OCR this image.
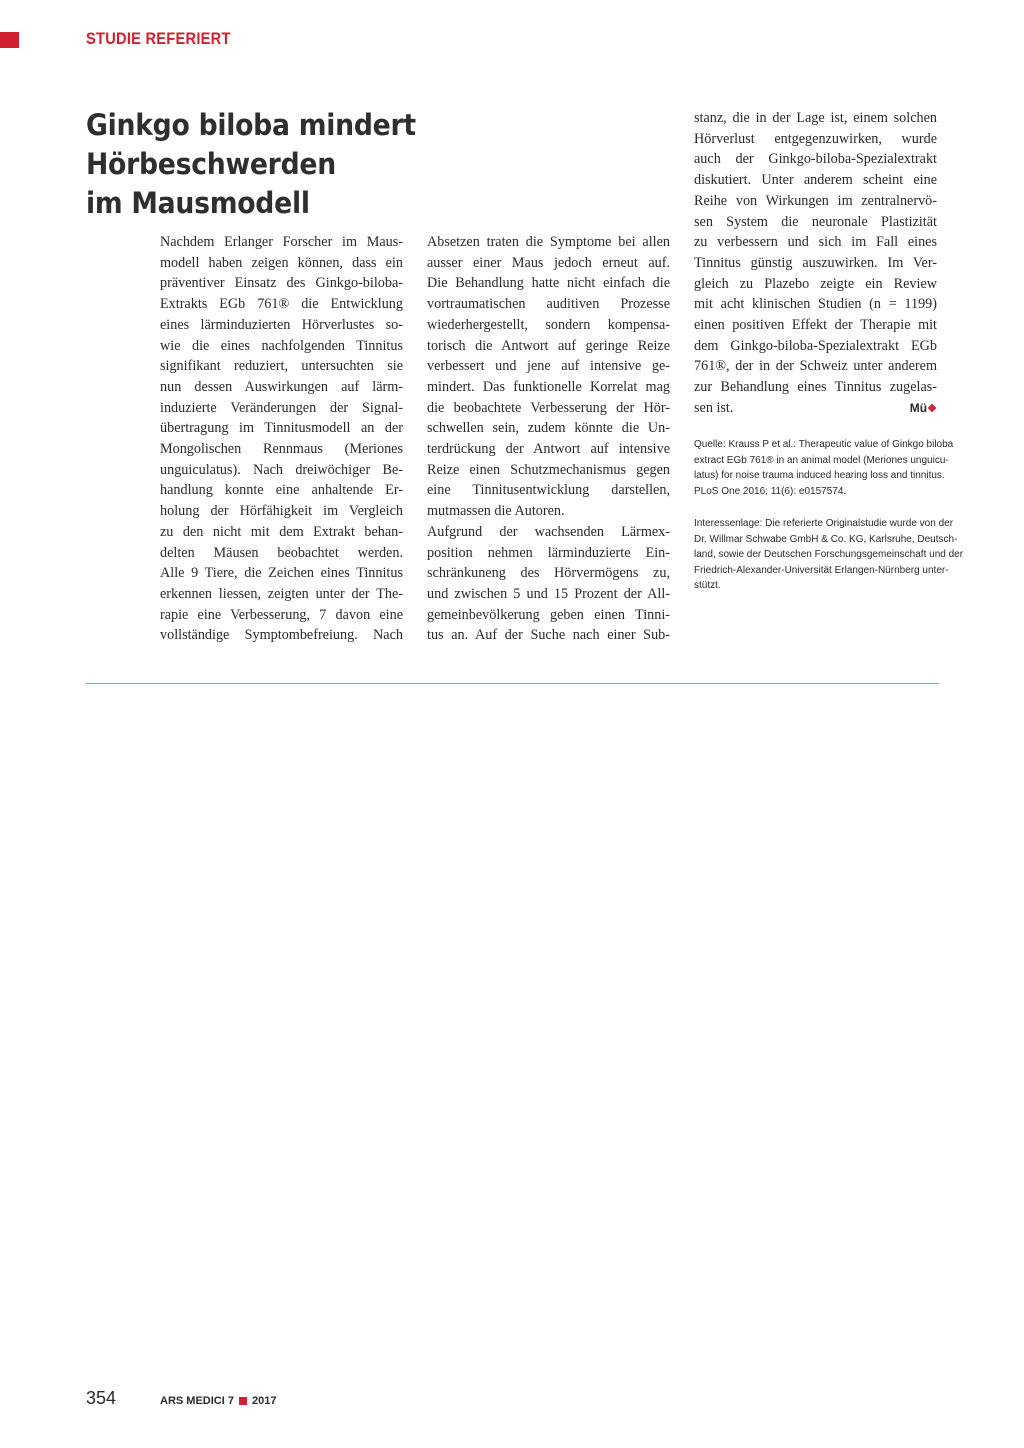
STUDIE REFERIERT
Ginkgo biloba mindert Hörbeschwerden
im Mausmodell
Nachdem Erlanger Forscher im Maus-
modell haben zeigen können, dass ein
präventiver Einsatz des Ginkgo-biloba-
Extrakts EGb 761® die Entwicklung
eines lärminduzierten Hörverlustes so-
wie die eines nachfolgenden Tinnitus
signifikant reduziert, untersuchten sie
nun dessen Auswirkungen auf lärm-
induzierte Veränderungen der Signal-
übertragung im Tinnitusmodell an der
Mongolischen Rennmaus (Meriones
unguiculatus). Nach dreiwöchiger Be-
handlung konnte eine anhaltende Er-
holung der Hörfähigkeit im Vergleich
zu den nicht mit dem Extrakt behan-
delten Mäusen beobachtet werden.
Alle 9 Tiere, die Zeichen eines Tinnitus
erkennen liessen, zeigten unter der The-
rapie eine Verbesserung, 7 davon eine
vollständige Symptombefreiung. Nach
Absetzen traten die Symptome bei allen
ausser einer Maus jedoch erneut auf.
Die Behandlung hatte nicht einfach die
vortraumatischen auditiven Prozesse
wiederhergestellt, sondern kompensa-
torisch die Antwort auf geringe Reize
verbessert und jene auf intensive ge-
mindert. Das funktionelle Korrelat mag
die beobachtete Verbesserung der Hör-
schwellen sein, zudem könnte die Un-
terdrückung der Antwort auf intensive
Reize einen Schutzmechanismus gegen
eine Tinnitusentwicklung darstellen,
mutmassen die Autoren.
Aufgrund der wachsenden Lärmex-
position nehmen lärminduzierte Ein-
schränkuneng des Hörvermögens zu,
und zwischen 5 und 15 Prozent der All-
gemeinbevölkerung geben einen Tinni-
tus an. Auf der Suche nach einer Sub-
stanz, die in der Lage ist, einem solchen
Hörverlust entgegenzuwirken, wurde
auch der Ginkgo-biloba-Spezialextrakt
diskutiert. Unter anderem scheint eine
Reihe von Wirkungen im zentralnervö-
sen System die neuronale Plastizität
zu verbessern und sich im Fall eines
Tinnitus günstig auszuwirken. Im Ver-
gleich zu Plazebo zeigte ein Review
mit acht klinischen Studien (n = 1199)
einen positiven Effekt der Therapie mit
dem Ginkgo-biloba-Spezialextrakt EGb
761®, der in der Schweiz unter anderem
zur Behandlung eines Tinnitus zugelas-
sen ist.	Mü❖
Quelle: Krauss P et al.: Therapeutic value of Ginkgo biloba
extract EGb 761® in an animal model (Meriones unguicu-
latus) for noise trauma induced hearing loss and tinnitus.
PLoS One 2016; 11(6): e0157574.
Interessenlage: Die referierte Originalstudie wurde von der
Dr. Willmar Schwabe GmbH & Co. KG, Karlsruhe, Deutsch-
land, sowie der Deutschen Forschungsgemeinschaft und der
Friedrich-Alexander-Universität Erlangen-Nürnberg unter-
stützt.
354	ARS MEDICI 7 2017
